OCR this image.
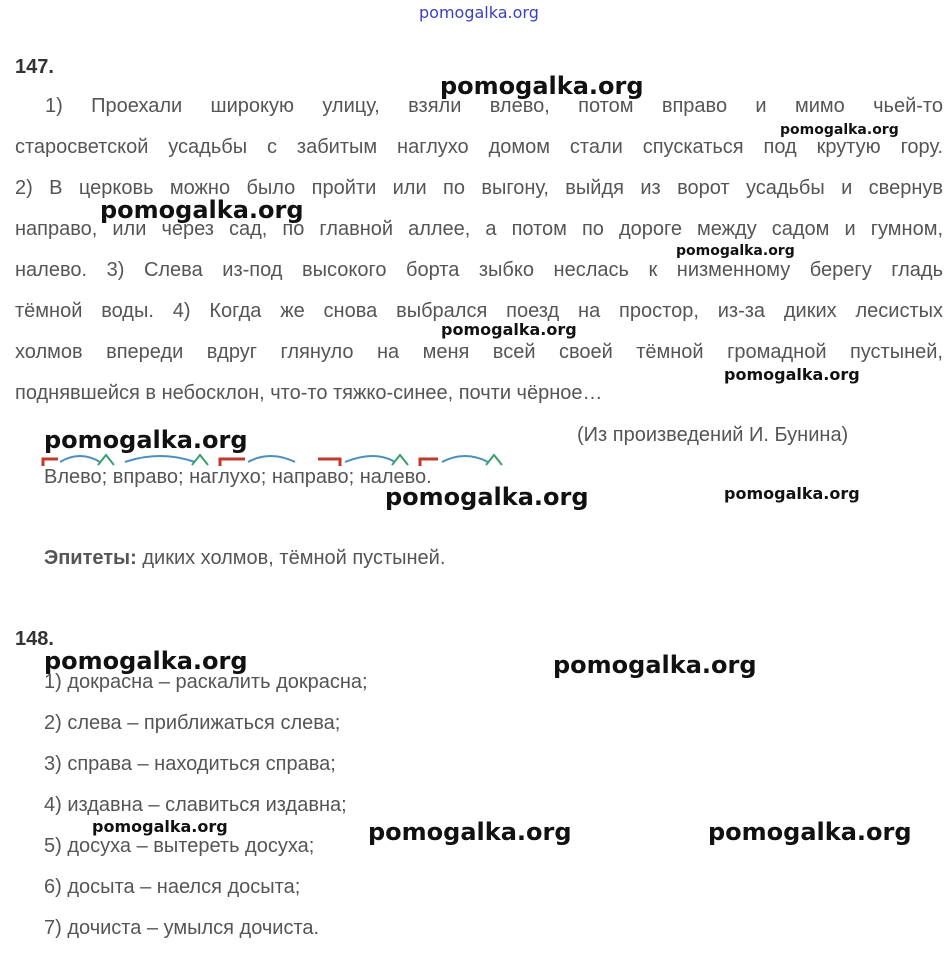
pomogalka.org
147.
1) Проехали широкую улицу, взяли влево, потом вправо и мимо чьей-то
старосветской усадьбы с забитым наглухо домом стали спускаться под крутую гору.
2) В церковь можно было пройти или по выгону, выйдя из ворот усадьбы и свернув
направо, или через сад, по главной аллее, а потом по дороге между садом и гумном,
налево. 3) Слева из-под высокого борта зыбко неслась к низменному берегу гладь
тёмной воды. 4) Когда же снова выбрался поезд на простор, из-за диких лесистых
холмов впереди вдруг глянуло на меня всей своей тёмной громадной пустыней,
поднявшейся в небосклон, что-то тяжко-синее, почти чёрное…
(Из произведений И. Бунина)
Влево; вправо; наглухо; направо; налево.
Эпитеты: диких холмов, тёмной пустыней.
148.
1) докрасна – раскалить докрасна;
2) слева – приближаться слева;
3) справа – находиться справа;
4) издавна – славиться издавна;
5) досуха – вытереть досуха;
6) досыта – наелся досыта;
7) дочиста – умылся дочиста.
pomogalka.org
pomogalka.org
pomogalka.org
pomogalka.org
pomogalka.org
pomogalka.org
pomogalka.org
pomogalka.org	pomogalka.org
pomogalka.org	pomogalka.org
pomogalka.org	pomogalka.org	pomogalka.org
